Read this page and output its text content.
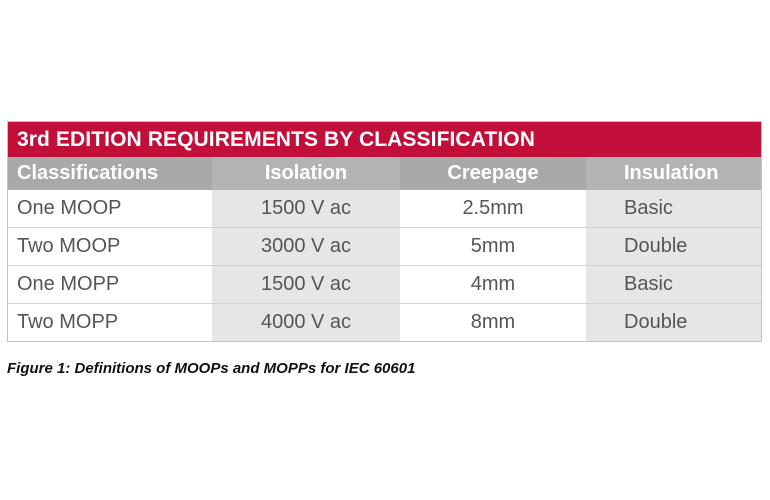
3rd EDITION REQUIREMENTS BY CLASSIFICATION
Classifications	Isolation	Creepage	Insulation
One MOOP	1500 V ac	2.5mm	Basic
Two MOOP	3000 V ac	5mm	Double
One MOPP	1500 V ac	4mm	Basic
Two MOPP	4000 V ac	8mm	Double
Figure 1: Definitions of MOOPs and MOPPs for IEC 60601
